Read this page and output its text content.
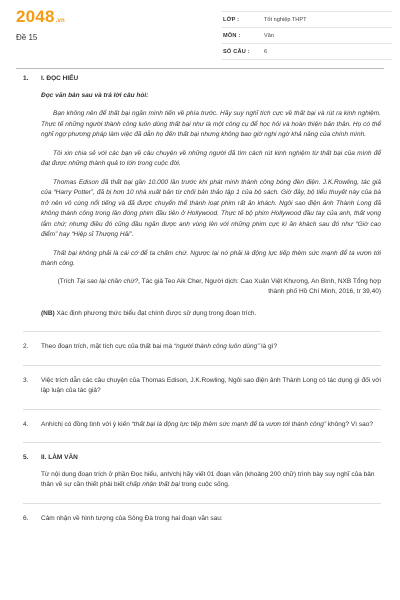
2048.vn
Đề 15
LỚP :	Tốt nghiệp THPT
MÔN :	Văn
SỐ CÂU :	6
1. I. ĐỌC HIỂU
Đọc văn bản sau và trả lời câu hỏi:
Bạn không nên để thất bại ngăn mình tiến về phía trước. Hãy suy nghĩ tích cực về thất bại và rút ra kinh nghiệm. Thực tế những người thành công luôn dùng thất bại như là một công cụ để học hỏi và hoàn thiện bản thân. Họ có thể nghĩ ngợ phương pháp làm việc đã dẫn họ đến thất bại nhưng không bao giờ nghi ngờ khả năng của chính mình.
Tôi xin chia sẻ với các bạn về câu chuyện về những người đã tìm cách rút kinh nghiệm từ thất bại của mình để đạt được những thành quả to lớn trong cuộc đời.
Thomas Edison đã thất bại gần 10.000 lần trước khi phát minh thành công bóng đèn điện. J.K.Rowling, tác giả của “Harry Potter”, đã bị hơn 10 nhà xuất bản từ chối bản thảo tập 1 của bộ sách. Giờ đây, bộ tiểu thuyết này của bà trở nên vô cùng nổi tiếng và đã được chuyển thể thành loạt phim rất ăn khách. Ngôi sao điện ảnh Thành Long đã không thành công trong lần đóng phim đầu tiên ở Hollywood. Thực tế bộ phim Hollywood đầu tay của anh, thất vọng lắm chứ; nhưng điều đó cũng đầu ngăn được anh vùng lên với những phim cực kì ăn khách sau đó như “Giờ cao điểm” hay “Hiệp sĩ Thượng Hải”.
Thất bại không phải là cái cớ để ta chấm chứ. Ngược lại nó phải là động lực tiếp thêm sức mạnh để ta vươn tới thành công.
(Trích Tại sao lại chần chừ?, Tác giả Teo Aik Cher, Người dịch: Cao Xuân Việt Khương, An Bình, NXB Tổng hợp thành phố Hồ Chí Minh, 2016, tr 39,40)
(NB) Xác định phương thức biểu đạt chính được sử dụng trong đoạn trích.
2. Theo đoạn trích, mặt tích cực của thất bại mà “người thành công luôn dùng” là gì?
3. Việc trích dẫn các câu chuyện của Thomas Edison, J.K.Rowling, Ngôi sao điện ảnh Thành Long có tác dụng gì đối với lập luận của tác giả?
4. Anh/chị có đồng tình với ý kiến “thất bại là động lực tiếp thêm sức mạnh để ta vươn tới thành công” không? Vì sao?
5. II. LÀM VĂN
Từ nội dung đoạn trích ở phần Đọc hiểu, anh/chị hãy viết 01 đoạn văn (khoảng 200 chữ) trình bày suy nghĩ của bản thân về sự cần thiết phải biết chấp nhận thất bại trong cuộc sống.
6. Cảm nhận về hình tượng của Sông Đà trong hai đoạn văn sau:
